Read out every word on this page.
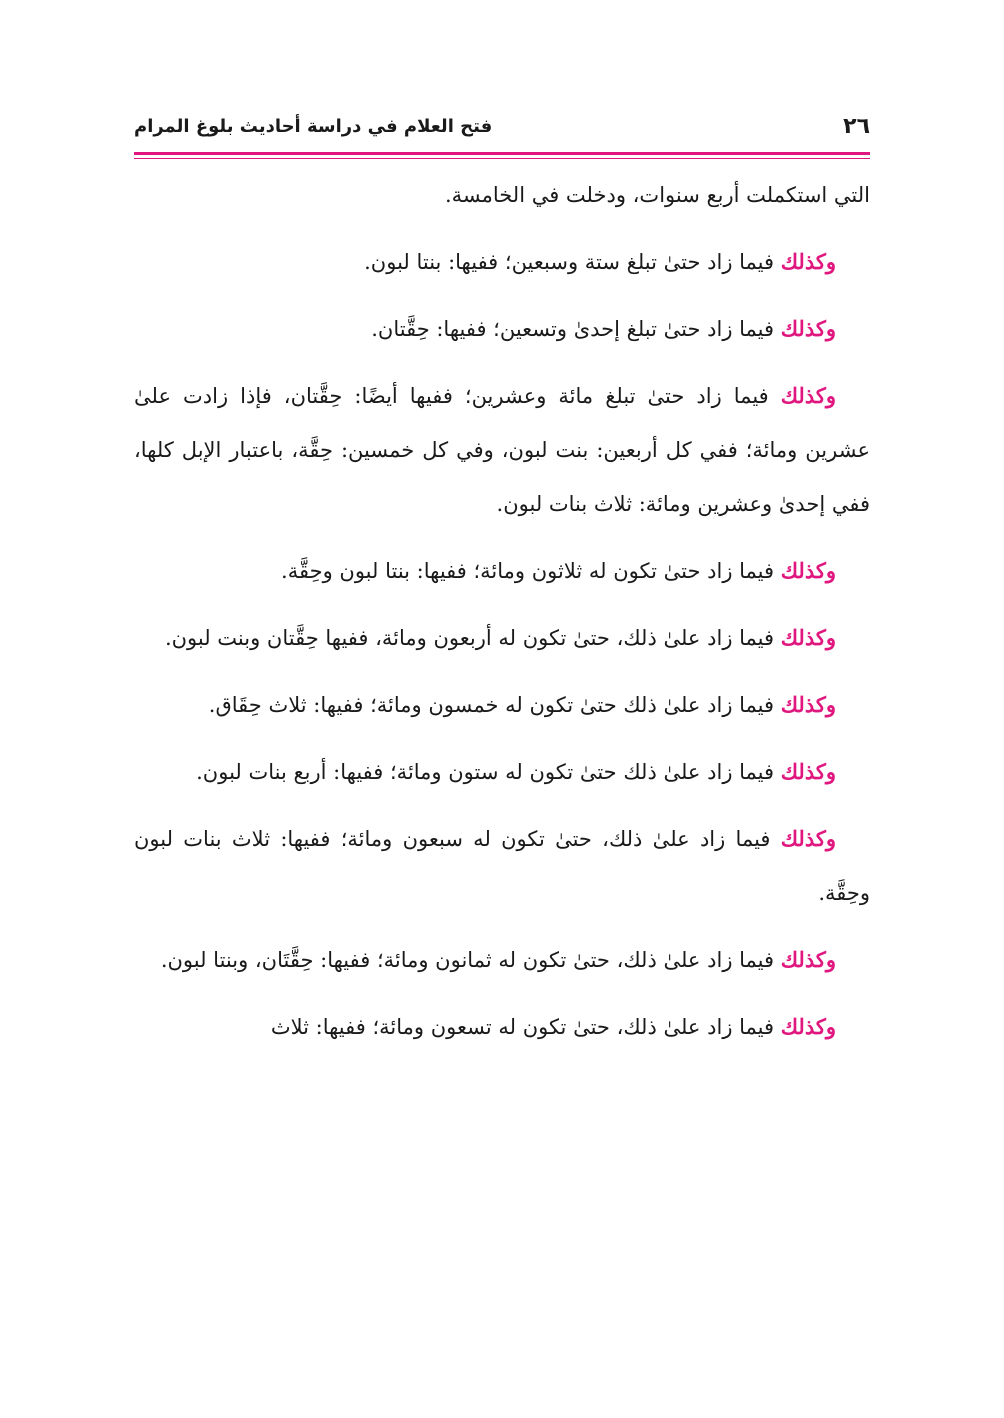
٢٦
فتح العلام في دراسة أحاديث بلوغ المرام

التي استكملت أربع سنوات، ودخلت في الخامسة.

وكذلك فيما زاد حتىٰ تبلغ ستة وسبعين؛ ففيها: بنتا لبون.

وكذلك فيما زاد حتىٰ تبلغ إحدىٰ وتسعين؛ ففيها: حِقَّتان.

وكذلك فيما زاد حتىٰ تبلغ مائة وعشرين؛ ففيها أيضًا: حِقَّتان، فإذا زادت علىٰ عشرين ومائة؛ ففي كل أربعين: بنت لبون، وفي كل خمسين: حِقَّة، باعتبار الإبل كلها، ففي إحدىٰ وعشرين ومائة: ثلاث بنات لبون.

وكذلك فيما زاد حتىٰ تكون له ثلاثون ومائة؛ ففيها: بنتا لبون وحِقَّة.

وكذلك فيما زاد علىٰ ذلك، حتىٰ تكون له أربعون ومائة، ففيها حِقَّتان وبنت لبون.

وكذلك فيما زاد علىٰ ذلك حتىٰ تكون له خمسون ومائة؛ ففيها: ثلاث حِقَاق.

وكذلك فيما زاد علىٰ ذلك حتىٰ تكون له ستون ومائة؛ ففيها: أربع بنات لبون.

وكذلك فيما زاد علىٰ ذلك، حتىٰ تكون له سبعون ومائة؛ ففيها: ثلاث بنات لبون وحِقَّة.

وكذلك فيما زاد علىٰ ذلك، حتىٰ تكون له ثمانون ومائة؛ ففيها: حِقَّتَان، وبنتا لبون.

وكذلك فيما زاد علىٰ ذلك، حتىٰ تكون له تسعون ومائة؛ ففيها: ثلاث
